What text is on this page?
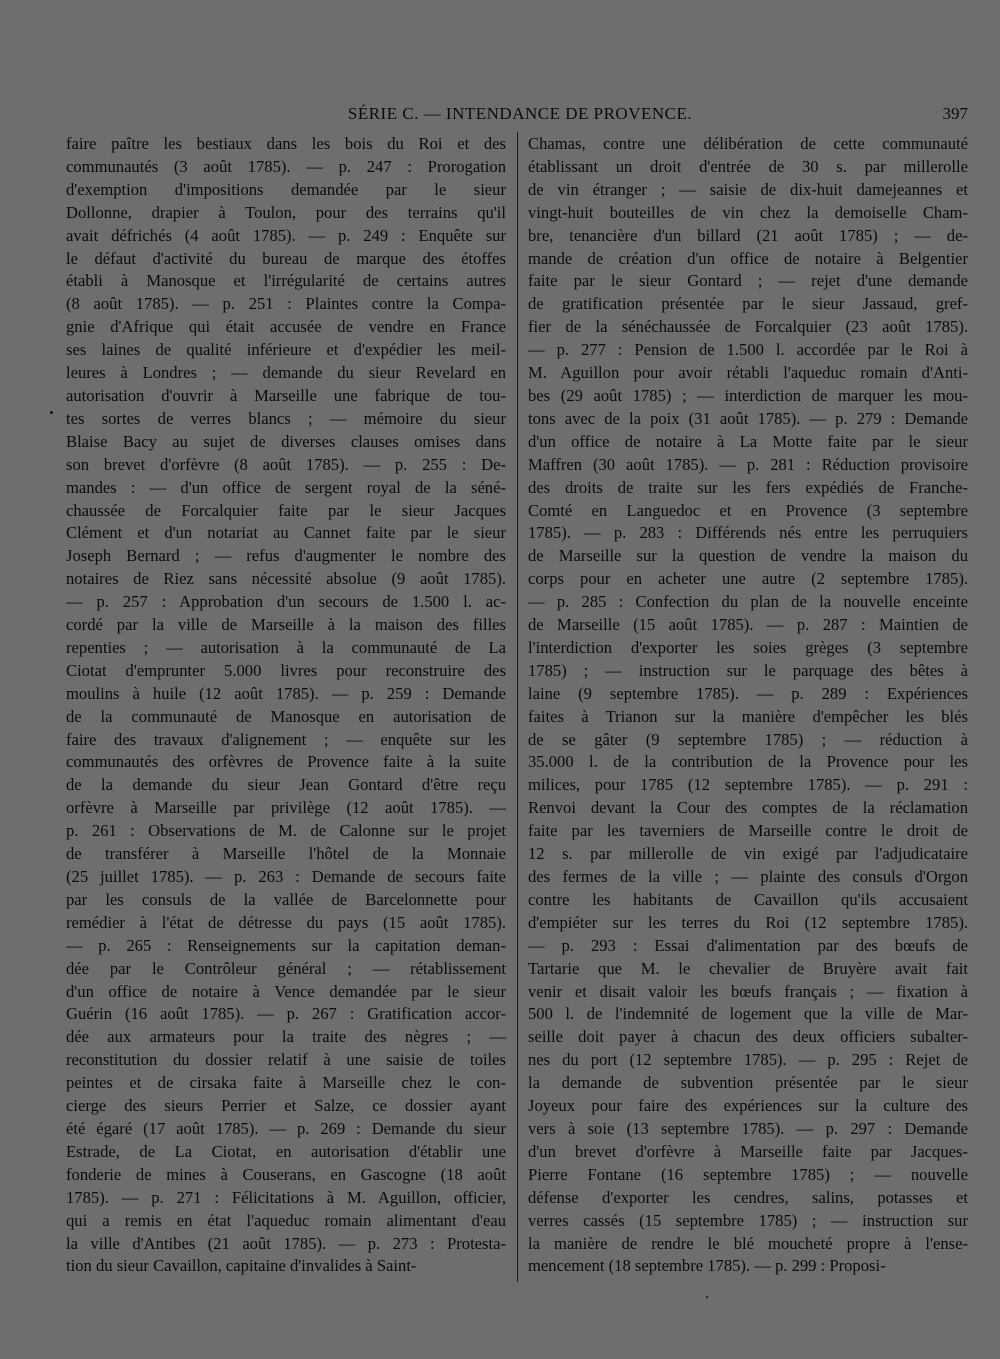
SÉRIE C. — INTENDANCE DE PROVENCE.	397
faire paître les bestiaux dans les bois du Roi et des
communautés (3 août 1785). — p. 247 : Prorogation
d'exemption d'impositions demandée par le sieur
Dollonne, drapier à Toulon, pour des terrains qu'il
avait défrichés (4 août 1785). — p. 249 : Enquête sur
le défaut d'activité du bureau de marque des étoffes
établi à Manosque et l'irrégularité de certains autres
(8 août 1785). — p. 251 : Plaintes contre la Compa-
gnie d'Afrique qui était accusée de vendre en France
ses laines de qualité inférieure et d'expédier les meil-
leures à Londres ; — demande du sieur Revelard en
autorisation d'ouvrir à Marseille une fabrique de tou-
tes sortes de verres blancs ; — mémoire du sieur
Blaise Bacy au sujet de diverses clauses omises dans
son brevet d'orfèvre (8 août 1785). — p. 255 : De-
mandes : — d'un office de sergent royal de la séné-
chaussée de Forcalquier faite par le sieur Jacques
Clément et d'un notariat au Cannet faite par le sieur
Joseph Bernard ; — refus d'augmenter le nombre des
notaires de Riez sans nécessité absolue (9 août 1785).
— p. 257 : Approbation d'un secours de 1.500 l. ac-
cordé par la ville de Marseille à la maison des filles
repenties ; — autorisation à la communauté de La
Ciotat d'emprunter 5.000 livres pour reconstruire des
moulins à huile (12 août 1785). — p. 259 : Demande
de la communauté de Manosque en autorisation de
faire des travaux d'alignement ; — enquête sur les
communautés des orfèvres de Provence faite à la suite
de la demande du sieur Jean Gontard d'être reçu
orfèvre à Marseille par privilège (12 août 1785). —
p. 261 : Observations de M. de Calonne sur le projet
de transférer à Marseille l'hôtel de la Monnaie
(25 juillet 1785). — p. 263 : Demande de secours faite
par les consuls de la vallée de Barcelonnette pour
remédier à l'état de détresse du pays (15 août 1785).
— p. 265 : Renseignements sur la capitation deman-
dée par le Contrôleur général ; — rétablissement
d'un office de notaire à Vence demandée par le sieur
Guérin (16 août 1785). — p. 267 : Gratification accor-
dée aux armateurs pour la traite des nègres ; —
reconstitution du dossier relatif à une saisie de toiles
peintes et de cirsaka faite à Marseille chez le con-
cierge des sieurs Perrier et Salze, ce dossier ayant
été égaré (17 août 1785). — p. 269 : Demande du sieur
Estrade, de La Ciotat, en autorisation d'établir une
fonderie de mines à Couserans, en Gascogne (18 août
1785). — p. 271 : Félicitations à M. Aguillon, officier,
qui a remis en état l'aqueduc romain alimentant d'eau
la ville d'Antibes (21 août 1785). — p. 273 : Protesta-
tion du sieur Cavaillon, capitaine d'invalides à Saint-
Chamas, contre une délibération de cette communauté
établissant un droit d'entrée de 30 s. par millerolle
de vin étranger ; — saisie de dix-huit damejeannes et
vingt-huit bouteilles de vin chez la demoiselle Cham-
bre, tenancière d'un billard (21 août 1785) ; — de-
mande de création d'un office de notaire à Belgentier
faite par le sieur Gontard ; — rejet d'une demande
de gratification présentée par le sieur Jassaud, gref-
fier de la sénéchaussée de Forcalquier (23 août 1785).
— p. 277 : Pension de 1.500 l. accordée par le Roi à
M. Aguillon pour avoir rétabli l'aqueduc romain d'Anti-
bes (29 août 1785) ; — interdiction de marquer les mou-
tons avec de la poix (31 août 1785). — p. 279 : Demande
d'un office de notaire à La Motte faite par le sieur
Maffren (30 août 1785). — p. 281 : Réduction provisoire
des droits de traite sur les fers expédiés de Franche-
Comté en Languedoc et en Provence (3 septembre
1785). — p. 283 : Différends nés entre les perruquiers
de Marseille sur la question de vendre la maison du
corps pour en acheter une autre (2 septembre 1785).
— p. 285 : Confection du plan de la nouvelle enceinte
de Marseille (15 août 1785). — p. 287 : Maintien de
l'interdiction d'exporter les soies grèges (3 septembre
1785) ; — instruction sur le parquage des bêtes à
laine (9 septembre 1785). — p. 289 : Expériences
faites à Trianon sur la manière d'empêcher les blés
de se gâter (9 septembre 1785) ; — réduction à
35.000 l. de la contribution de la Provence pour les
milices, pour 1785 (12 septembre 1785). — p. 291 :
Renvoi devant la Cour des comptes de la réclamation
faite par les taverniers de Marseille contre le droit de
12 s. par millerolle de vin exigé par l'adjudicataire
des fermes de la ville ; — plainte des consuls d'Orgon
contre les habitants de Cavaillon qu'ils accusaient
d'empiéter sur les terres du Roi (12 septembre 1785).
— p. 293 : Essai d'alimentation par des bœufs de
Tartarie que M. le chevalier de Bruyère avait fait
venir et disait valoir les bœufs français ; — fixation à
500 l. de l'indemnité de logement que la ville de Mar-
seille doit payer à chacun des deux officiers subalter-
nes du port (12 septembre 1785). — p. 295 : Rejet de
la demande de subvention présentée par le sieur
Joyeux pour faire des expériences sur la culture des
vers à soie (13 septembre 1785). — p. 297 : Demande
d'un brevet d'orfèvre à Marseille faite par Jacques-
Pierre Fontane (16 septembre 1785) ; — nouvelle
défense d'exporter les cendres, salins, potasses et
verres cassés (15 septembre 1785) ; — instruction sur
la manière de rendre le blé moucheté propre à l'ense-
mencement (18 septembre 1785). — p. 299 : Proposi-
